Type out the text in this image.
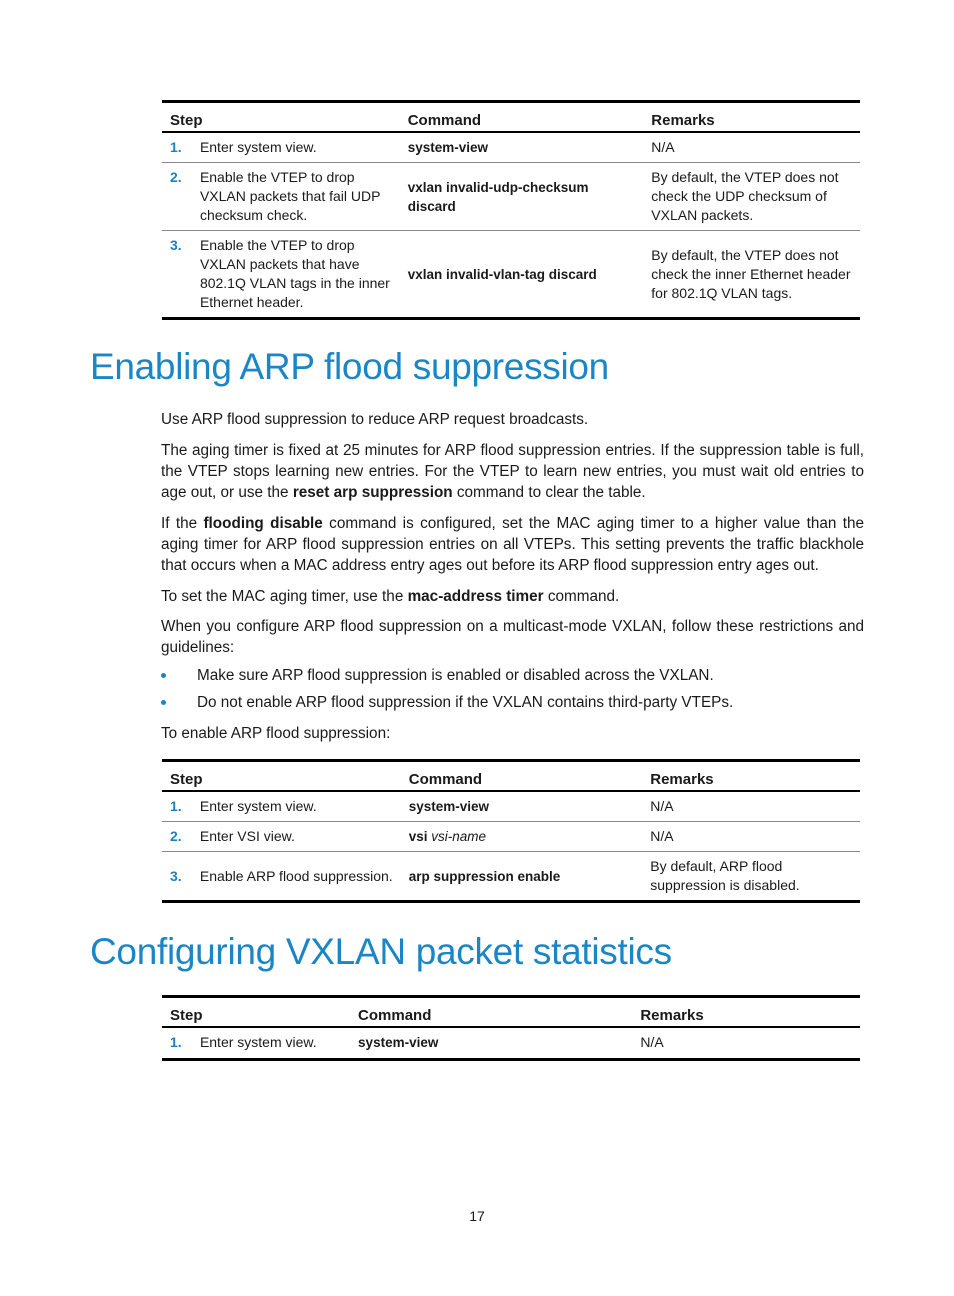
Step		Command	Remarks
1.	Enter system view.	system-view	N/A
2.	Enable the VTEP to drop VXLAN packets that fail UDP checksum check.	vxlan invalid-udp-checksum discard	By default, the VTEP does not check the UDP checksum of VXLAN packets.
3.	Enable the VTEP to drop VXLAN packets that have 802.1Q VLAN tags in the inner Ethernet header.	vxlan invalid-vlan-tag discard	By default, the VTEP does not check the inner Ethernet header for 802.1Q VLAN tags.
Enabling ARP flood suppression

Use ARP flood suppression to reduce ARP request broadcasts.

The aging timer is fixed at 25 minutes for ARP flood suppression entries. If the suppression table is full, the VTEP stops learning new entries. For the VTEP to learn new entries, you must wait old entries to age out, or use the reset arp suppression command to clear the table.

If the flooding disable command is configured, set the MAC aging timer to a higher value than the aging timer for ARP flood suppression entries on all VTEPs. This setting prevents the traffic blackhole that occurs when a MAC address entry ages out before its ARP flood suppression entry ages out.

To set the MAC aging timer, use the mac-address timer command.

When you configure ARP flood suppression on a multicast-mode VXLAN, follow these restrictions and guidelines:

Make sure ARP flood suppression is enabled or disabled across the VXLAN.
Do not enable ARP flood suppression if the VXLAN contains third-party VTEPs.

To enable ARP flood suppression:

Step		Command	Remarks
1.	Enter system view.	system-view	N/A
2.	Enter VSI view.	vsi vsi-name	N/A
3.	Enable ARP flood suppression.	arp suppression enable	By default, ARP flood suppression is disabled.
Configuring VXLAN packet statistics
Step		Command	Remarks
1.	Enter system view.	system-view	N/A
17
